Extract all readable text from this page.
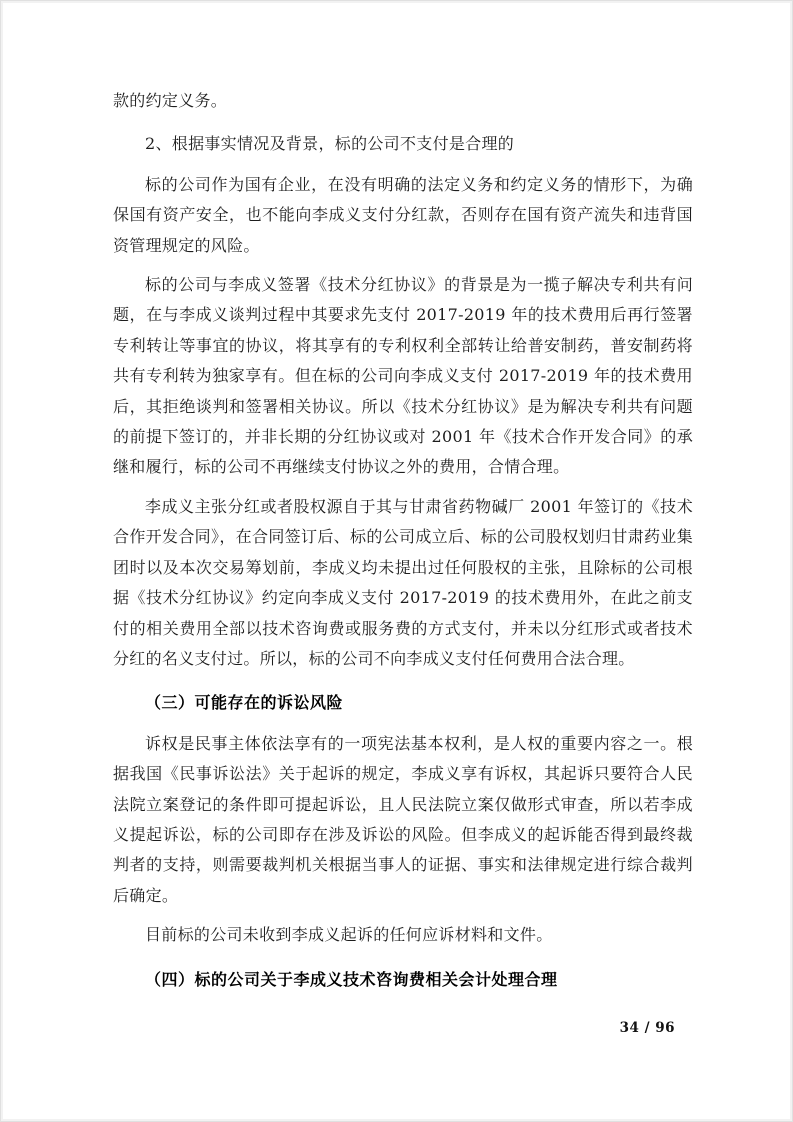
款的约定义务。

2、根据事实情况及背景，标的公司不支付是合理的

标的公司作为国有企业，在没有明确的法定义务和约定义务的情形下，为确保国有资产安全，也不能向李成义支付分红款，否则存在国有资产流失和违背国资管理规定的风险。

标的公司与李成义签署《技术分红协议》的背景是为一揽子解决专利共有问题，在与李成义谈判过程中其要求先支付 2017-2019 年的技术费用后再行签署专利转让等事宜的协议，将其享有的专利权利全部转让给普安制药，普安制药将共有专利转为独家享有。但在标的公司向李成义支付 2017-2019 年的技术费用后，其拒绝谈判和签署相关协议。所以《技术分红协议》是为解决专利共有问题的前提下签订的，并非长期的分红协议或对 2001 年《技术合作开发合同》的承继和履行，标的公司不再继续支付协议之外的费用，合情合理。

李成义主张分红或者股权源自于其与甘肃省药物碱厂 2001 年签订的《技术合作开发合同》，在合同签订后、标的公司成立后、标的公司股权划归甘肃药业集团时以及本次交易筹划前，李成义均未提出过任何股权的主张，且除标的公司根据《技术分红协议》约定向李成义支付 2017-2019 的技术费用外，在此之前支付的相关费用全部以技术咨询费或服务费的方式支付，并未以分红形式或者技术分红的名义支付过。所以，标的公司不向李成义支付任何费用合法合理。

（三）可能存在的诉讼风险

诉权是民事主体依法享有的一项宪法基本权利，是人权的重要内容之一。根据我国《民事诉讼法》关于起诉的规定，李成义享有诉权，其起诉只要符合人民法院立案登记的条件即可提起诉讼，且人民法院立案仅做形式审查，所以若李成义提起诉讼，标的公司即存在涉及诉讼的风险。但李成义的起诉能否得到最终裁判者的支持，则需要裁判机关根据当事人的证据、事实和法律规定进行综合裁判后确定。

目前标的公司未收到李成义起诉的任何应诉材料和文件。

（四）标的公司关于李成义技术咨询费相关会计处理合理

34 / 96
